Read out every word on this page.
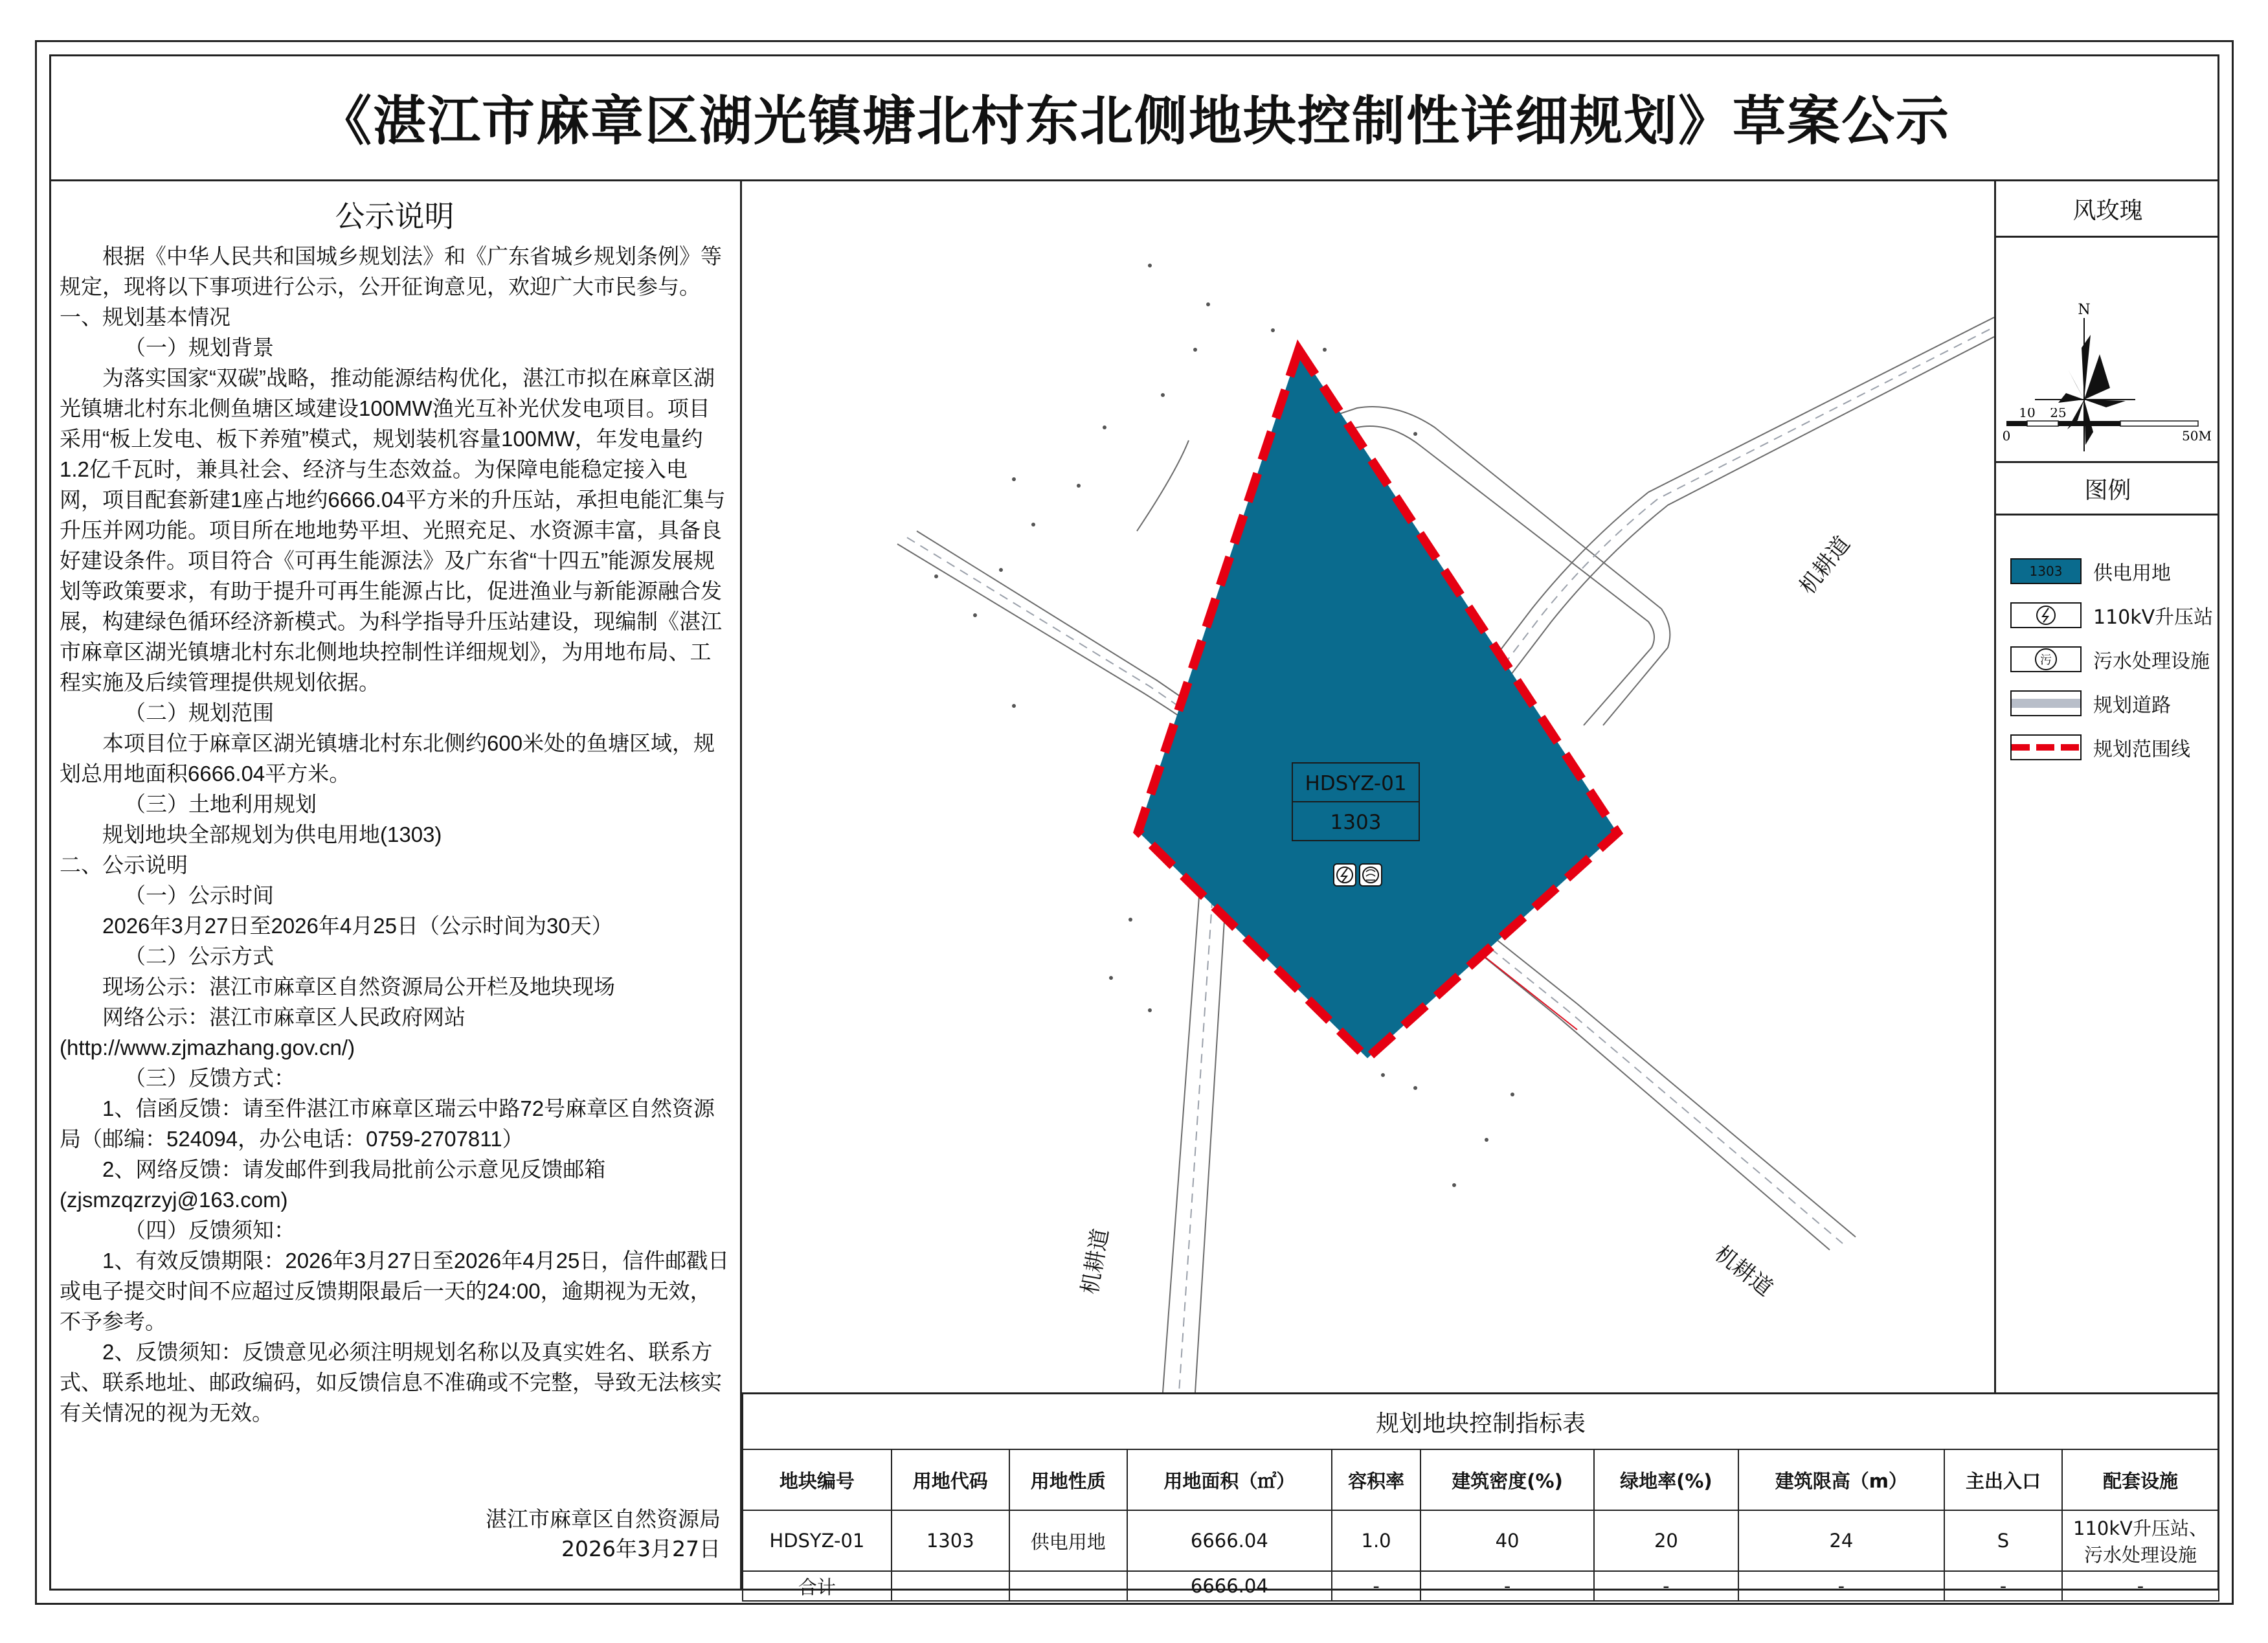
《湛江市麻章区湖光镇塘北村东北侧地块控制性详细规划》草案公示
公示说明

根据《中华人民共和国城乡规划法》和《广东省城乡规划条例》等规定，现将以下事项进行公示，公开征询意见，欢迎广大市民参与。

一、规划基本情况

（一）规划背景

为落实国家“双碳”战略，推动能源结构优化，湛江市拟在麻章区湖光镇塘北村东北侧鱼塘区域建设100MW渔光互补光伏发电项目。项目采用“板上发电、板下养殖”模式，规划装机容量100MW，年发电量约1.2亿千瓦时，兼具社会、经济与生态效益。为保障电能稳定接入电网，项目配套新建1座占地约6666.04平方米的升压站，承担电能汇集与升压并网功能。项目所在地地势平坦、光照充足、水资源丰富，具备良好建设条件。项目符合《可再生能源法》及广东省“十四五”能源发展规划等政策要求，有助于提升可再生能源占比，促进渔业与新能源融合发展，构建绿色循环经济新模式。为科学指导升压站建设，现编制《湛江市麻章区湖光镇塘北村东北侧地块控制性详细规划》，为用地布局、工程实施及后续管理提供规划依据。

（二）规划范围

本项目位于麻章区湖光镇塘北村东北侧约600米处的鱼塘区域，规划总用地面积6666.04平方米。

（三）土地利用规划

规划地块全部规划为供电用地(1303)

二、公示说明

（一）公示时间

2026年3月27日至2026年4月25日（公示时间为30天）

（二）公示方式

现场公示：湛江市麻章区自然资源局公开栏及地块现场

网络公示：湛江市麻章区人民政府网站

(http://www.zjmazhang.gov.cn/)

（三）反馈方式：

1、信函反馈：请至件湛江市麻章区瑞云中路72号麻章区自然资源局（邮编：524094，办公电话：0759-2707811）

2、网络反馈：请发邮件到我局批前公示意见反馈邮箱

(zjsmzqzrzyj@163.com)

（四）反馈须知：

1、有效反馈期限：2026年3月27日至2026年4月25日，信件邮戳日或电子提交时间不应超过反馈期限最后一天的24:00，逾期视为无效，不予参考。

2、反馈须知：反馈意见必须注明规划名称以及真实姓名、联系方式、联系地址、邮政编码，如反馈信息不准确或不完整，导致无法核实有关情况的视为无效。

湛江市麻章区自然资源局
2026年3月27日
HDSYZ-01
1303
机耕道
机耕道	机耕道
风玫瑰
N
10 25
0	50M
图例
1303	供电用地
110kV升压站
污 污水处理设施
规划道路
规划范围线
规划地块控制指标表									
地块编号	用地代码	用地性质	用地面积（㎡）	容积率	建筑密度(%)	绿地率(%)	建筑限高（m）	主出入口	配套设施
HDSYZ-01	1303	供电用地	6666.04	1.0	40	20	24	S	110kV升压站、污水处理设施
合计			6666.04	-	-	-	-	-	-
